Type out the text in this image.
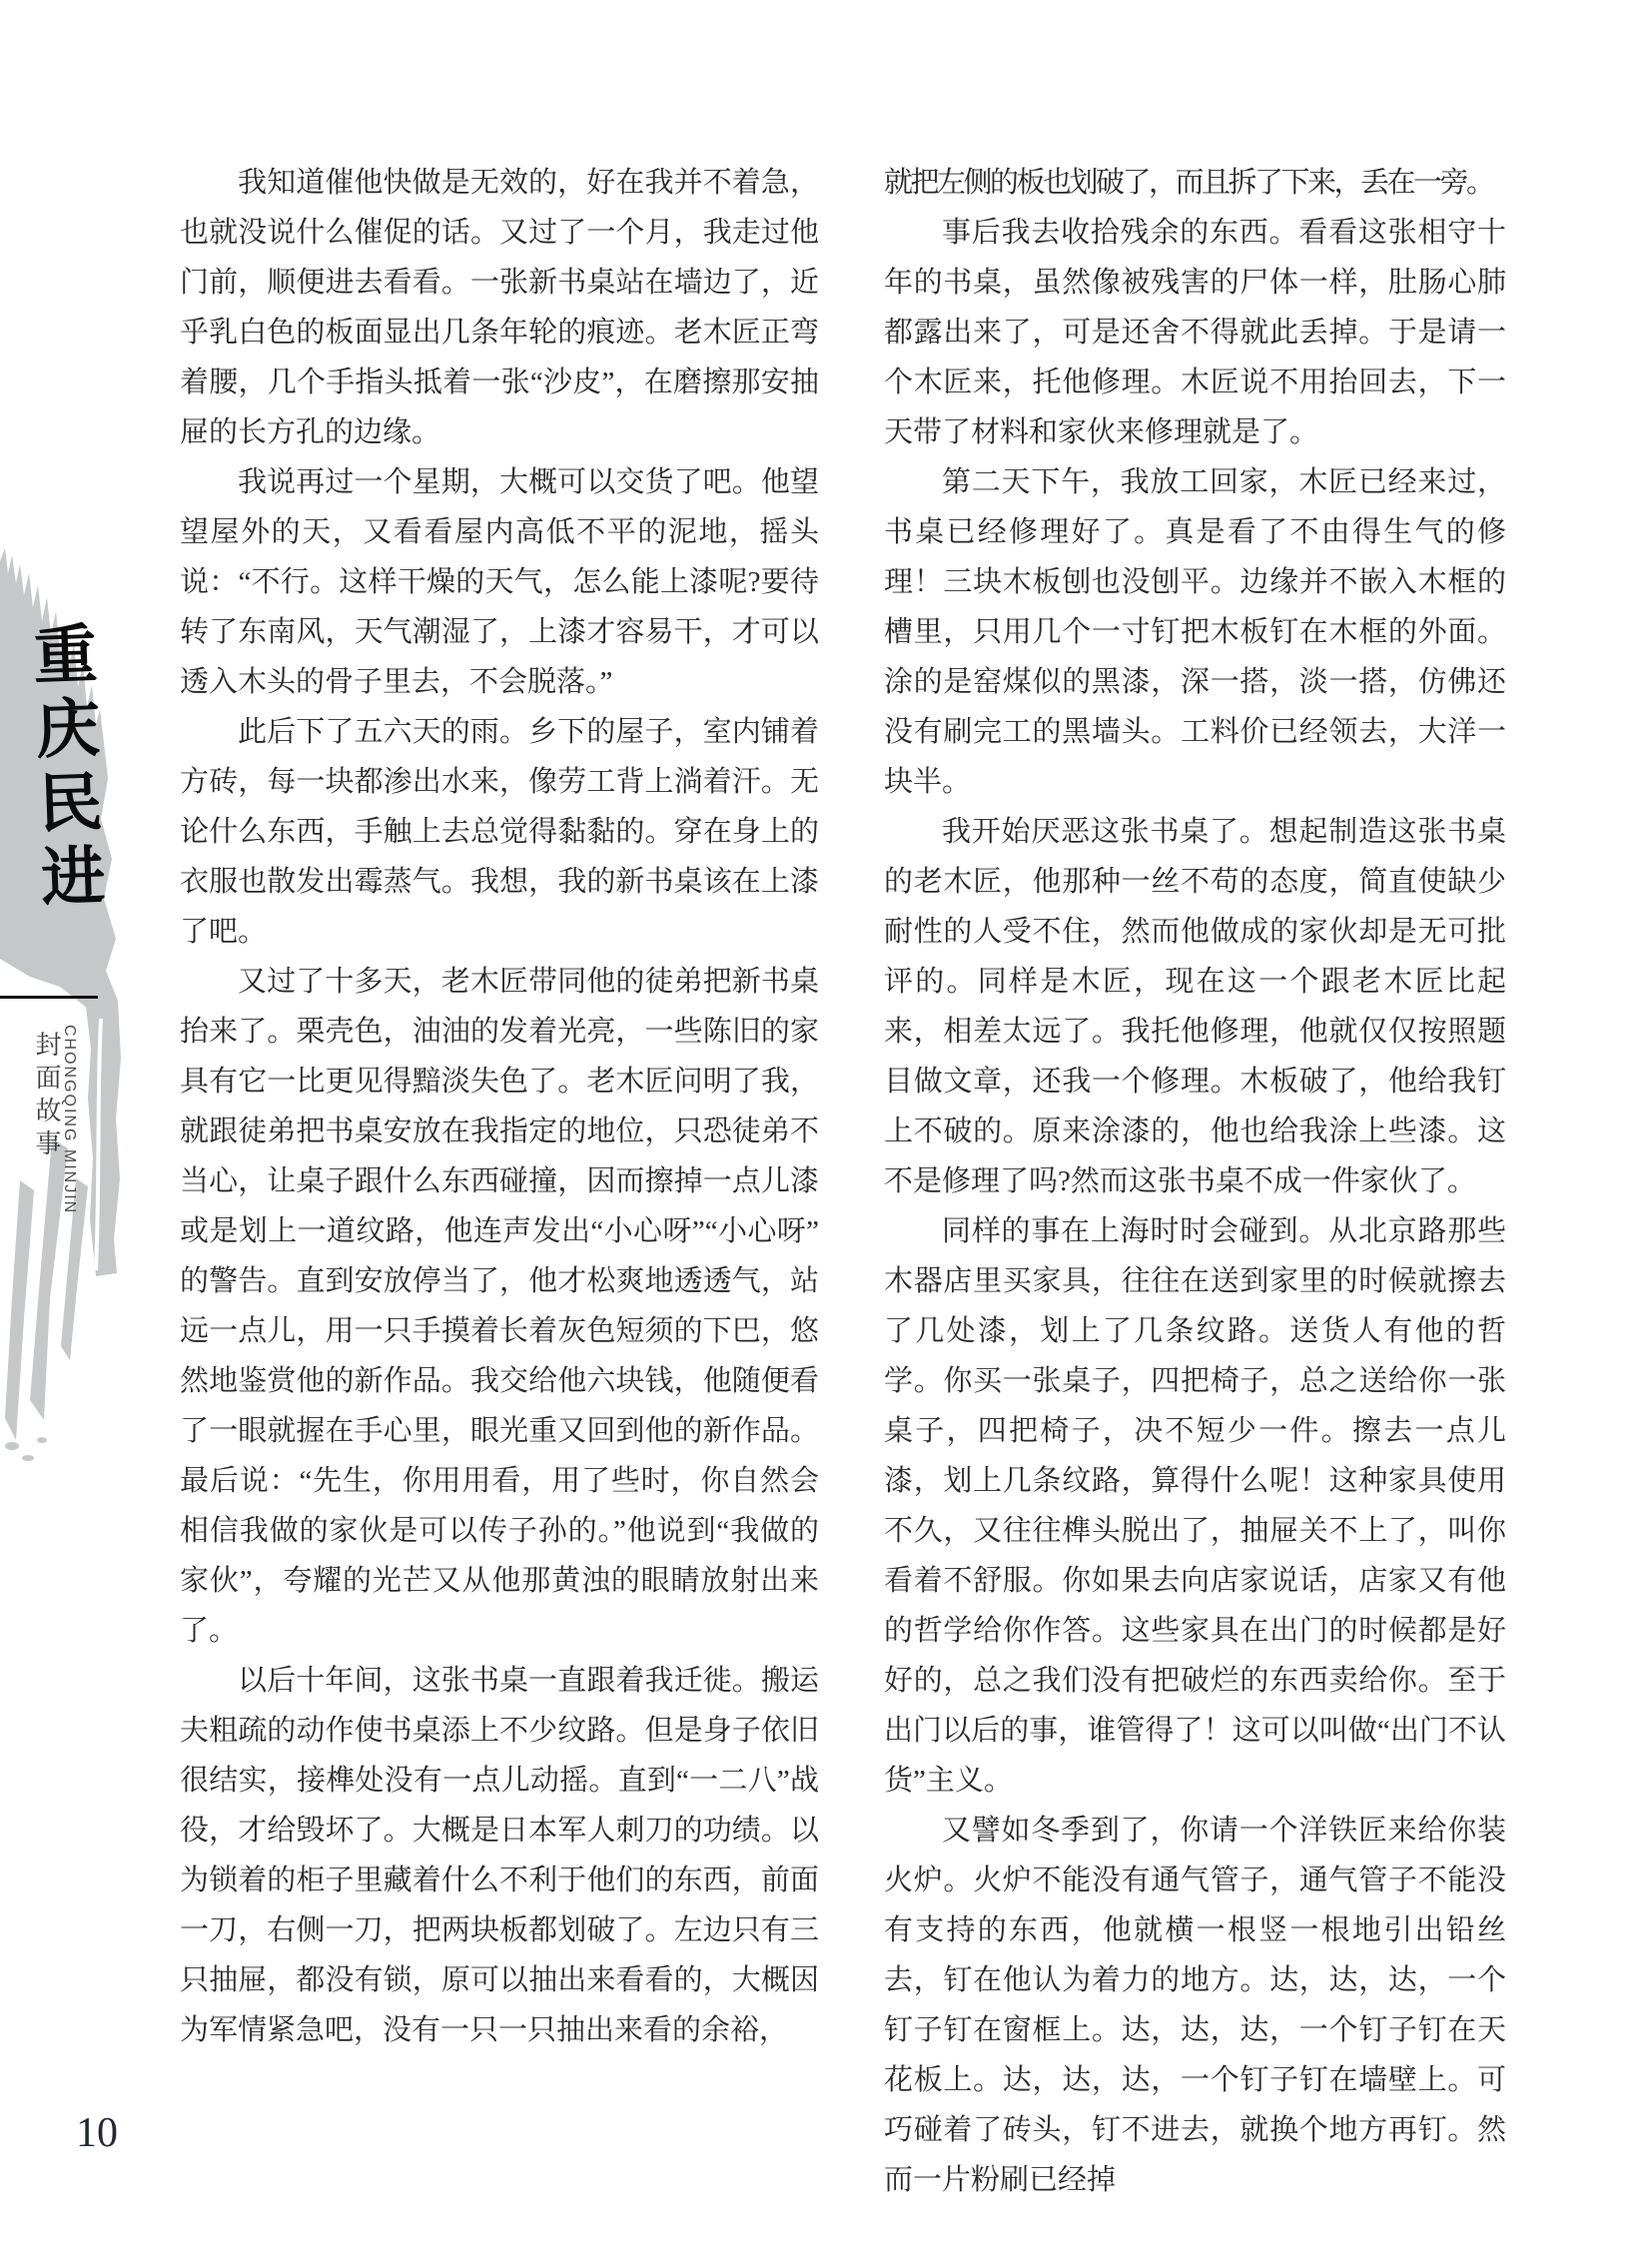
重庆民进
封面故事 CHONGQING MINJIN
10

我知道催他快做是无效的，好在我并不着急，也就没说什么催促的话。又过了一个月，我走过他门前，顺便进去看看。一张新书桌站在墙边了，近乎乳白色的板面显出几条年轮的痕迹。老木匠正弯着腰，几个手指头抵着一张“沙皮”，在磨擦那安抽屉的长方孔的边缘。

我说再过一个星期，大概可以交货了吧。他望望屋外的天，又看看屋内高低不平的泥地，摇头说：“不行。这样干燥的天气，怎么能上漆呢?要待转了东南风，天气潮湿了，上漆才容易干，才可以透入木头的骨子里去，不会脱落。”

此后下了五六天的雨。乡下的屋子，室内铺着方砖，每一块都渗出水来，像劳工背上淌着汗。无论什么东西，手触上去总觉得黏黏的。穿在身上的衣服也散发出霉蒸气。我想，我的新书桌该在上漆了吧。

又过了十多天，老木匠带同他的徒弟把新书桌抬来了。栗壳色，油油的发着光亮，一些陈旧的家具有它一比更见得黯淡失色了。老木匠问明了我，就跟徒弟把书桌安放在我指定的地位，只恐徒弟不当心，让桌子跟什么东西碰撞，因而擦掉一点儿漆或是划上一道纹路，他连声发出“小心呀”“小心呀”的警告。直到安放停当了，他才松爽地透透气，站远一点儿，用一只手摸着长着灰色短须的下巴，悠然地鉴赏他的新作品。我交给他六块钱，他随便看了一眼就握在手心里，眼光重又回到他的新作品。最后说：“先生，你用用看，用了些时，你自然会相信我做的家伙是可以传子孙的。”他说到“我做的家伙”，夸耀的光芒又从他那黄浊的眼睛放射出来了。

以后十年间，这张书桌一直跟着我迁徙。搬运夫粗疏的动作使书桌添上不少纹路。但是身子依旧很结实，接榫处没有一点儿动摇。直到“一二八”战役，才给毁坏了。大概是日本军人刺刀的功绩。以为锁着的柜子里藏着什么不利于他们的东西，前面一刀，右侧一刀，把两块板都划破了。左边只有三只抽屉，都没有锁，原可以抽出来看看的，大概因为军情紧急吧，没有一只一只抽出来看的余裕，

就把左侧的板也划破了，而且拆了下来，丢在一旁。

事后我去收拾残余的东西。看看这张相守十年的书桌，虽然像被残害的尸体一样，肚肠心肺都露出来了，可是还舍不得就此丢掉。于是请一个木匠来，托他修理。木匠说不用抬回去，下一天带了材料和家伙来修理就是了。

第二天下午，我放工回家，木匠已经来过，书桌已经修理好了。真是看了不由得生气的修理！三块木板刨也没刨平。边缘并不嵌入木框的槽里，只用几个一寸钉把木板钉在木框的外面。涂的是窑煤似的黑漆，深一搭，淡一搭，仿佛还没有刷完工的黑墙头。工料价已经领去，大洋一块半。

我开始厌恶这张书桌了。想起制造这张书桌的老木匠，他那种一丝不苟的态度，简直使缺少耐性的人受不住，然而他做成的家伙却是无可批评的。同样是木匠，现在这一个跟老木匠比起来，相差太远了。我托他修理，他就仅仅按照题目做文章，还我一个修理。木板破了，他给我钉上不破的。原来涂漆的，他也给我涂上些漆。这不是修理了吗?然而这张书桌不成一件家伙了。

同样的事在上海时时会碰到。从北京路那些木器店里买家具，往往在送到家里的时候就擦去了几处漆，划上了几条纹路。送货人有他的哲学。你买一张桌子，四把椅子，总之送给你一张桌子，四把椅子，决不短少一件。擦去一点儿漆，划上几条纹路，算得什么呢！这种家具使用不久，又往往榫头脱出了，抽屉关不上了，叫你看着不舒服。你如果去向店家说话，店家又有他的哲学给你作答。这些家具在出门的时候都是好好的，总之我们没有把破烂的东西卖给你。至于出门以后的事，谁管得了！这可以叫做“出门不认货”主义。

又譬如冬季到了，你请一个洋铁匠来给你装火炉。火炉不能没有通气管子，通气管子不能没有支持的东西，他就横一根竖一根地引出铅丝去，钉在他认为着力的地方。达，达，达，一个钉子钉在窗框上。达，达，达，一个钉子钉在天花板上。达，达，达，一个钉子钉在墙壁上。可巧碰着了砖头，钉不进去，就换个地方再钉。然而一片粉刷已经掉
